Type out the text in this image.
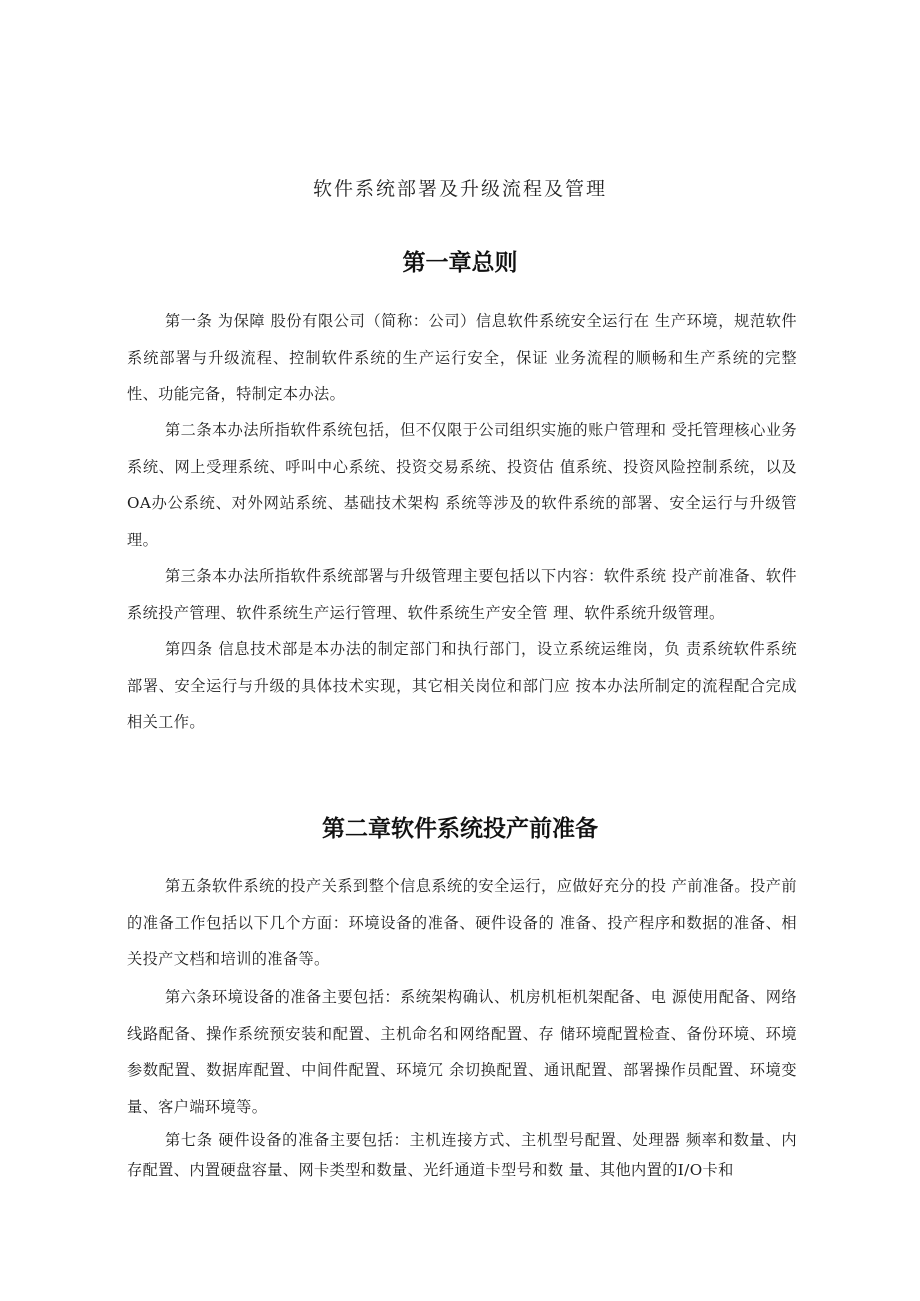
软件系统部署及升级流程及管理
第一章总则
第一条 为保障 股份有限公司（简称：公司）信息软件系统安全运行在 生产环境，规范软件系统部署与升级流程、控制软件系统的生产运行安全，保证 业务流程的顺畅和生产系统的完整性、功能完备，特制定本办法。
第二条本办法所指软件系统包括，但不仅限于公司组织实施的账户管理和 受托管理核心业务系统、网上受理系统、呼叫中心系统、投资交易系统、投资估 值系统、投资风险控制系统，以及OA办公系统、对外网站系统、基础技术架构 系统等涉及的软件系统的部署、安全运行与升级管理。
第三条本办法所指软件系统部署与升级管理主要包括以下内容：软件系统 投产前准备、软件系统投产管理、软件系统生产运行管理、软件系统生产安全管 理、软件系统升级管理。
第四条 信息技术部是本办法的制定部门和执行部门，设立系统运维岗，负 责系统软件系统部署、安全运行与升级的具体技术实现，其它相关岗位和部门应 按本办法所制定的流程配合完成相关工作。
第二章软件系统投产前准备
第五条软件系统的投产关系到整个信息系统的安全运行，应做好充分的投 产前准备。投产前的准备工作包括以下几个方面：环境设备的准备、硬件设备的 准备、投产程序和数据的准备、相关投产文档和培训的准备等。
第六条环境设备的准备主要包括：系统架构确认、机房机柜机架配备、电 源使用配备、网络线路配备、操作系统预安装和配置、主机命名和网络配置、存 储环境配置检查、备份环境、环境参数配置、数据库配置、中间件配置、环境冗 余切换配置、通讯配置、部署操作员配置、环境变量、客户端环境等。
第七条 硬件设备的准备主要包括：主机连接方式、主机型号配置、处理器 频率和数量、内存配置、内置硬盘容量、网卡类型和数量、光纤通道卡型号和数 量、其他内置的I/O卡和
